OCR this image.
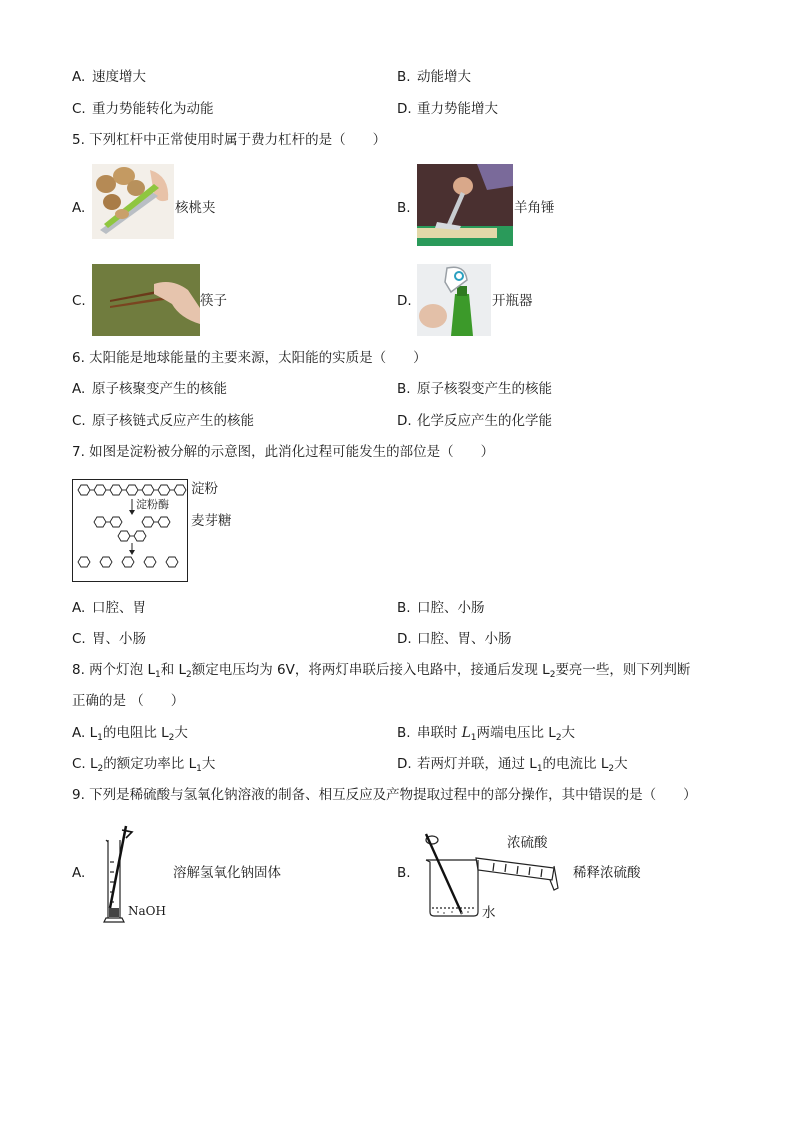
A. 速度增大	B. 动能增大
C. 重力势能转化为动能	D. 重力势能增大
5. 下列杠杆中正常使用时属于费力杠杆的是（　　）
A.	核桃夹	B.	羊角锤
C.	筷子	D.	开瓶器
6. 太阳能是地球能量的主要来源，太阳能的实质是（　　）
A. 原子核聚变产生的核能	B. 原子核裂变产生的核能
C. 原子核链式反应产生的核能	D. 化学反应产生的化学能
7. 如图是淀粉被分解的示意图，此消化过程可能发生的部位是（　　）
淀粉酶
淀粉
麦芽糖
A. 口腔、胃	B. 口腔、小肠
C. 胃、小肠	D. 口腔、胃、小肠
8. 两个灯泡 $L_1$和 $L_2$额定电压均为 6V，将两灯串联后接入电路中，接通后发现 $L_2$要亮一些，则下列判断
正确的是 （　　）
A. $L_1$的电阻比 $L_2$大	B. 串联时 $L_1$两端电压比 $L_2$大
C. $L_2$的额定功率比 $L_1$大	D. 若两灯并联，通过 $L_1$的电流比 $L_2$大
9. 下列是稀硫酸与氢氧化钠溶液的制备、相互反应及产物提取过程中的部分操作，其中错误的是（　　）
A.
NaOH
溶解氢氧化钠固体	B.
浓硫酸
水
稀释浓硫酸
